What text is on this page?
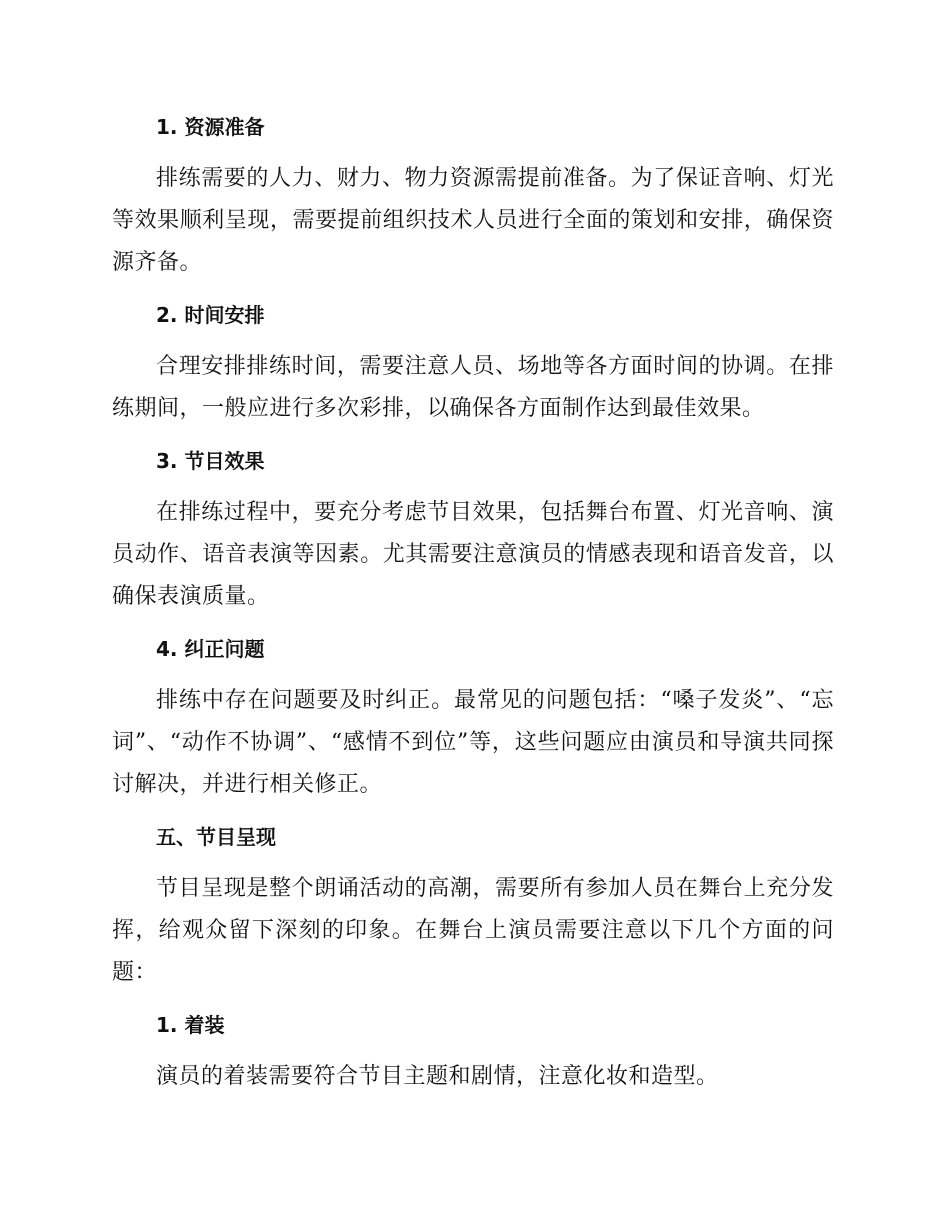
1. 资源准备

排练需要的人力、财力、物力资源需提前准备。为了保证音响、灯光等效果顺利呈现，需要提前组织技术人员进行全面的策划和安排，确保资源齐备。

2. 时间安排

合理安排排练时间，需要注意人员、场地等各方面时间的协调。在排练期间，一般应进行多次彩排，以确保各方面制作达到最佳效果。

3. 节目效果

在排练过程中，要充分考虑节目效果，包括舞台布置、灯光音响、演员动作、语音表演等因素。尤其需要注意演员的情感表现和语音发音，以确保表演质量。

4. 纠正问题

排练中存在问题要及时纠正。最常见的问题包括：“嗓子发炎”、“忘词”、“动作不协调”、“感情不到位”等，这些问题应由演员和导演共同探讨解决，并进行相关修正。

五、节目呈现

节目呈现是整个朗诵活动的高潮，需要所有参加人员在舞台上充分发挥，给观众留下深刻的印象。在舞台上演员需要注意以下几个方面的问题：

1. 着装

演员的着装需要符合节目主题和剧情，注意化妆和造型。
